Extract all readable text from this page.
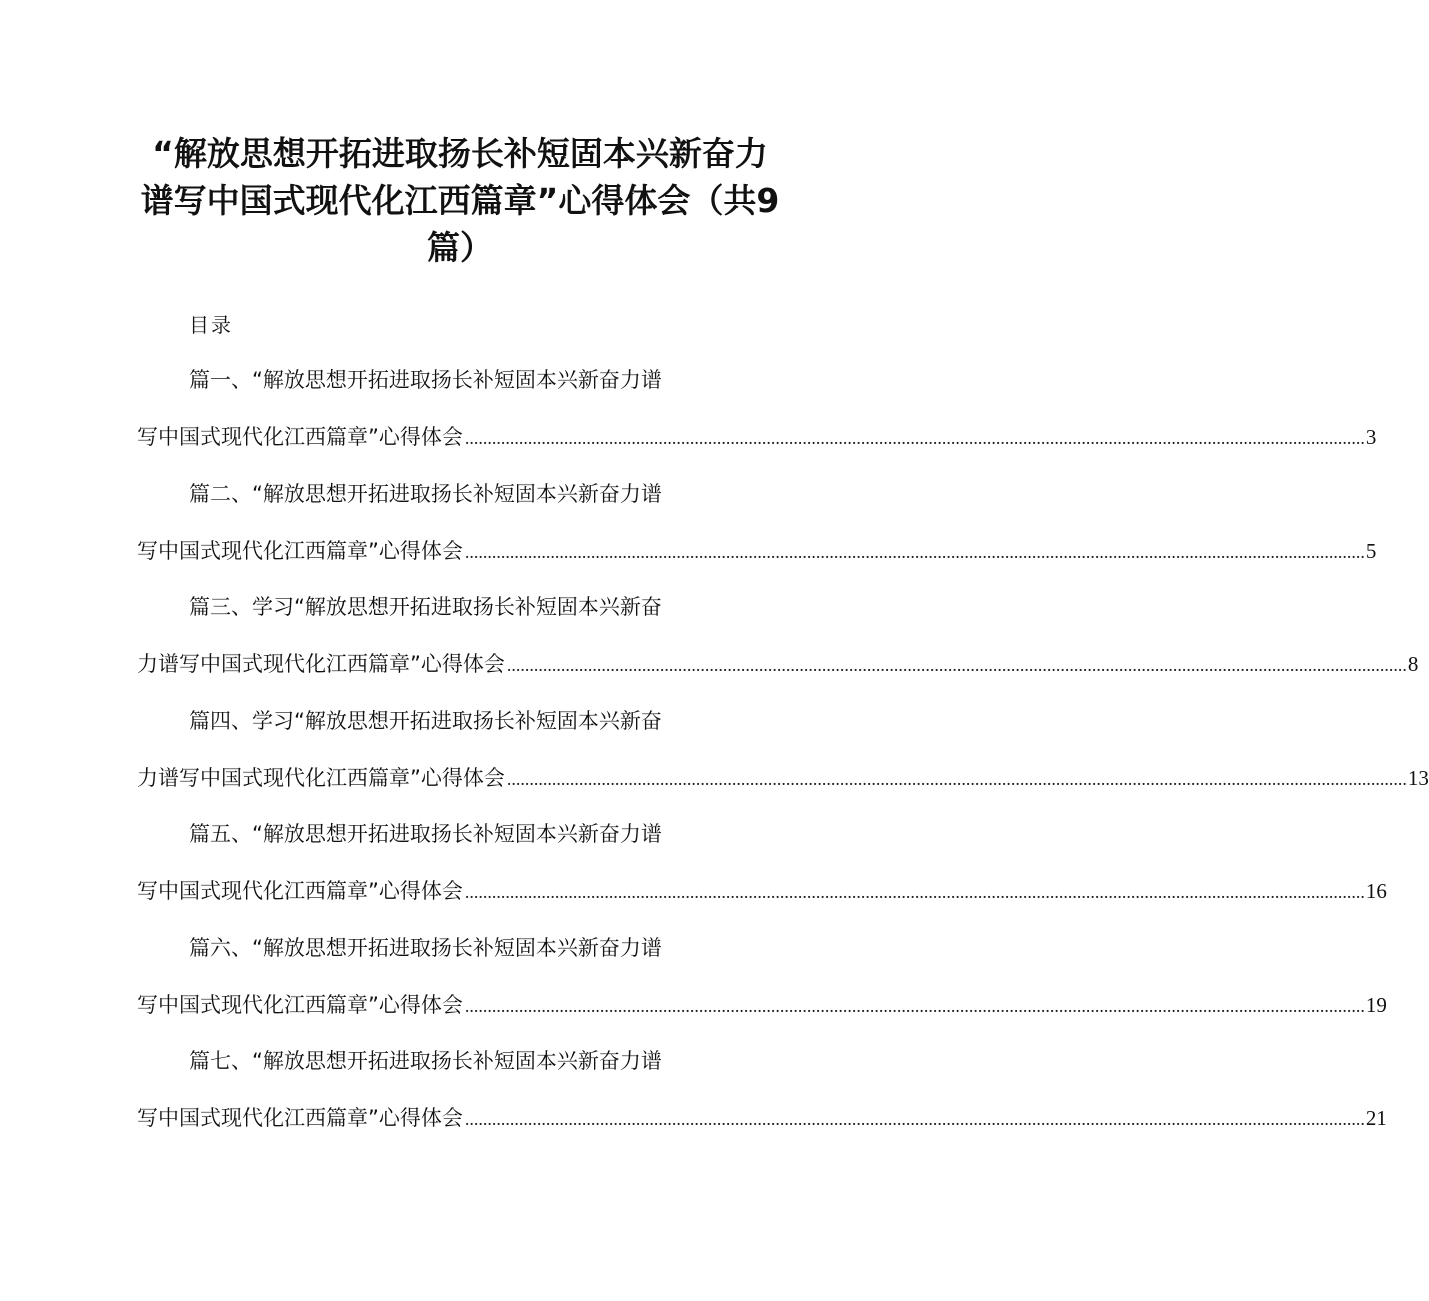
“解放思想开拓进取扬长补短固本兴新奋力
谱写中国式现代化江西篇章”心得体会（共9
篇）
目录
篇一、“解放思想开拓进取扬长补短固本兴新奋力谱
写中国式现代化江西篇章”心得体会 ........................................................................................................................................................................................................ 3
篇二、“解放思想开拓进取扬长补短固本兴新奋力谱
写中国式现代化江西篇章”心得体会 ........................................................................................................................................................................................................ 5
篇三、学习“解放思想开拓进取扬长补短固本兴新奋
力谱写中国式现代化江西篇章”心得体会 ........................................................................................................................................................................................................ 8
篇四、学习“解放思想开拓进取扬长补短固本兴新奋
力谱写中国式现代化江西篇章”心得体会 ........................................................................................................................................................................................................ 13
篇五、“解放思想开拓进取扬长补短固本兴新奋力谱
写中国式现代化江西篇章”心得体会 ........................................................................................................................................................................................................ 16
篇六、“解放思想开拓进取扬长补短固本兴新奋力谱
写中国式现代化江西篇章”心得体会 ........................................................................................................................................................................................................ 19
篇七、“解放思想开拓进取扬长补短固本兴新奋力谱
写中国式现代化江西篇章”心得体会 ........................................................................................................................................................................................................ 21
